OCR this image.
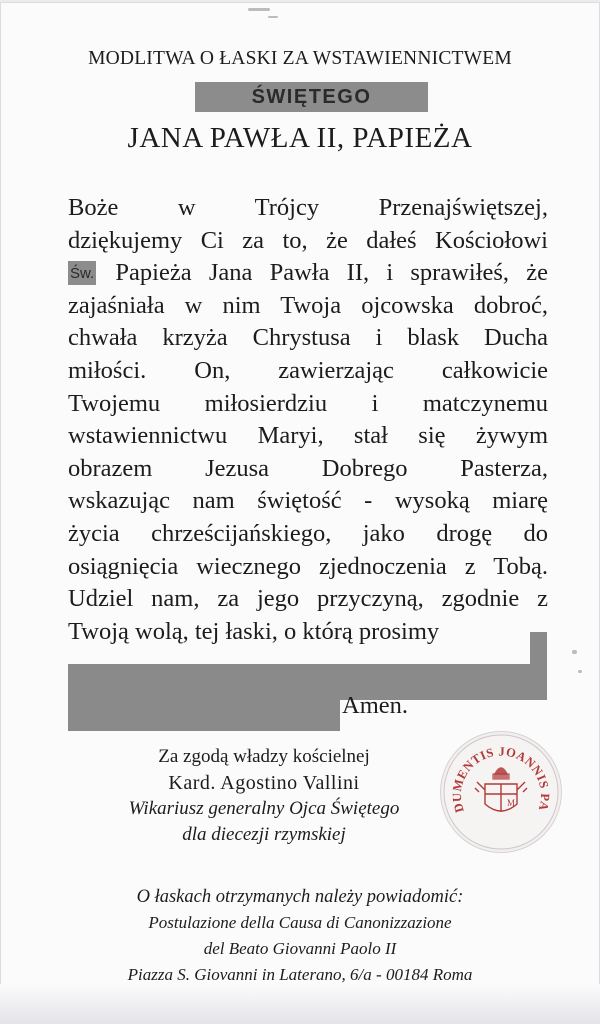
MODLITWA O ŁASKI ZA WSTAWIENNICTWEM
ŚWIĘTEGO
JANA PAWŁA II, PAPIEŻA
Boże w Trójcy Przenajświętszej,
dziękujemy Ci za to, że dałeś Kościołowi
Św. Papieża Jana Pawła II, i sprawiłeś, że
zajaśniała w nim Twoja ojcowska dobroć,
chwała krzyża Chrystusa i blask Ducha
miłości. On, zawierzając całkowicie
Twojemu miłosierdziu i matczynemu
wstawiennictwu Maryi, stał się żywym
obrazem Jezusa Dobrego Pasterza,
wskazując nam świętość - wysoką miarę
życia chrześcijańskiego, jako drogę do
osiągnięcia wiecznego zjednoczenia z Tobą.
Udziel nam, za jego przyczyną, zgodnie z
Twoją wolą, tej łaski, o którą prosimy
Amen.
Za zgodą władzy kościelnej
Kard. Agostino Vallini
Wikariusz generalny Ojca Świętego
dla diecezji rzymskiej
DUMENTIS JOANNIS PA
M
O łaskach otrzymanych należy powiadomić:
Postulazione della Causa di Canonizzazione
del Beato Giovanni Paolo II
Piazza S. Giovanni in Laterano, 6/a - 00184 Roma
